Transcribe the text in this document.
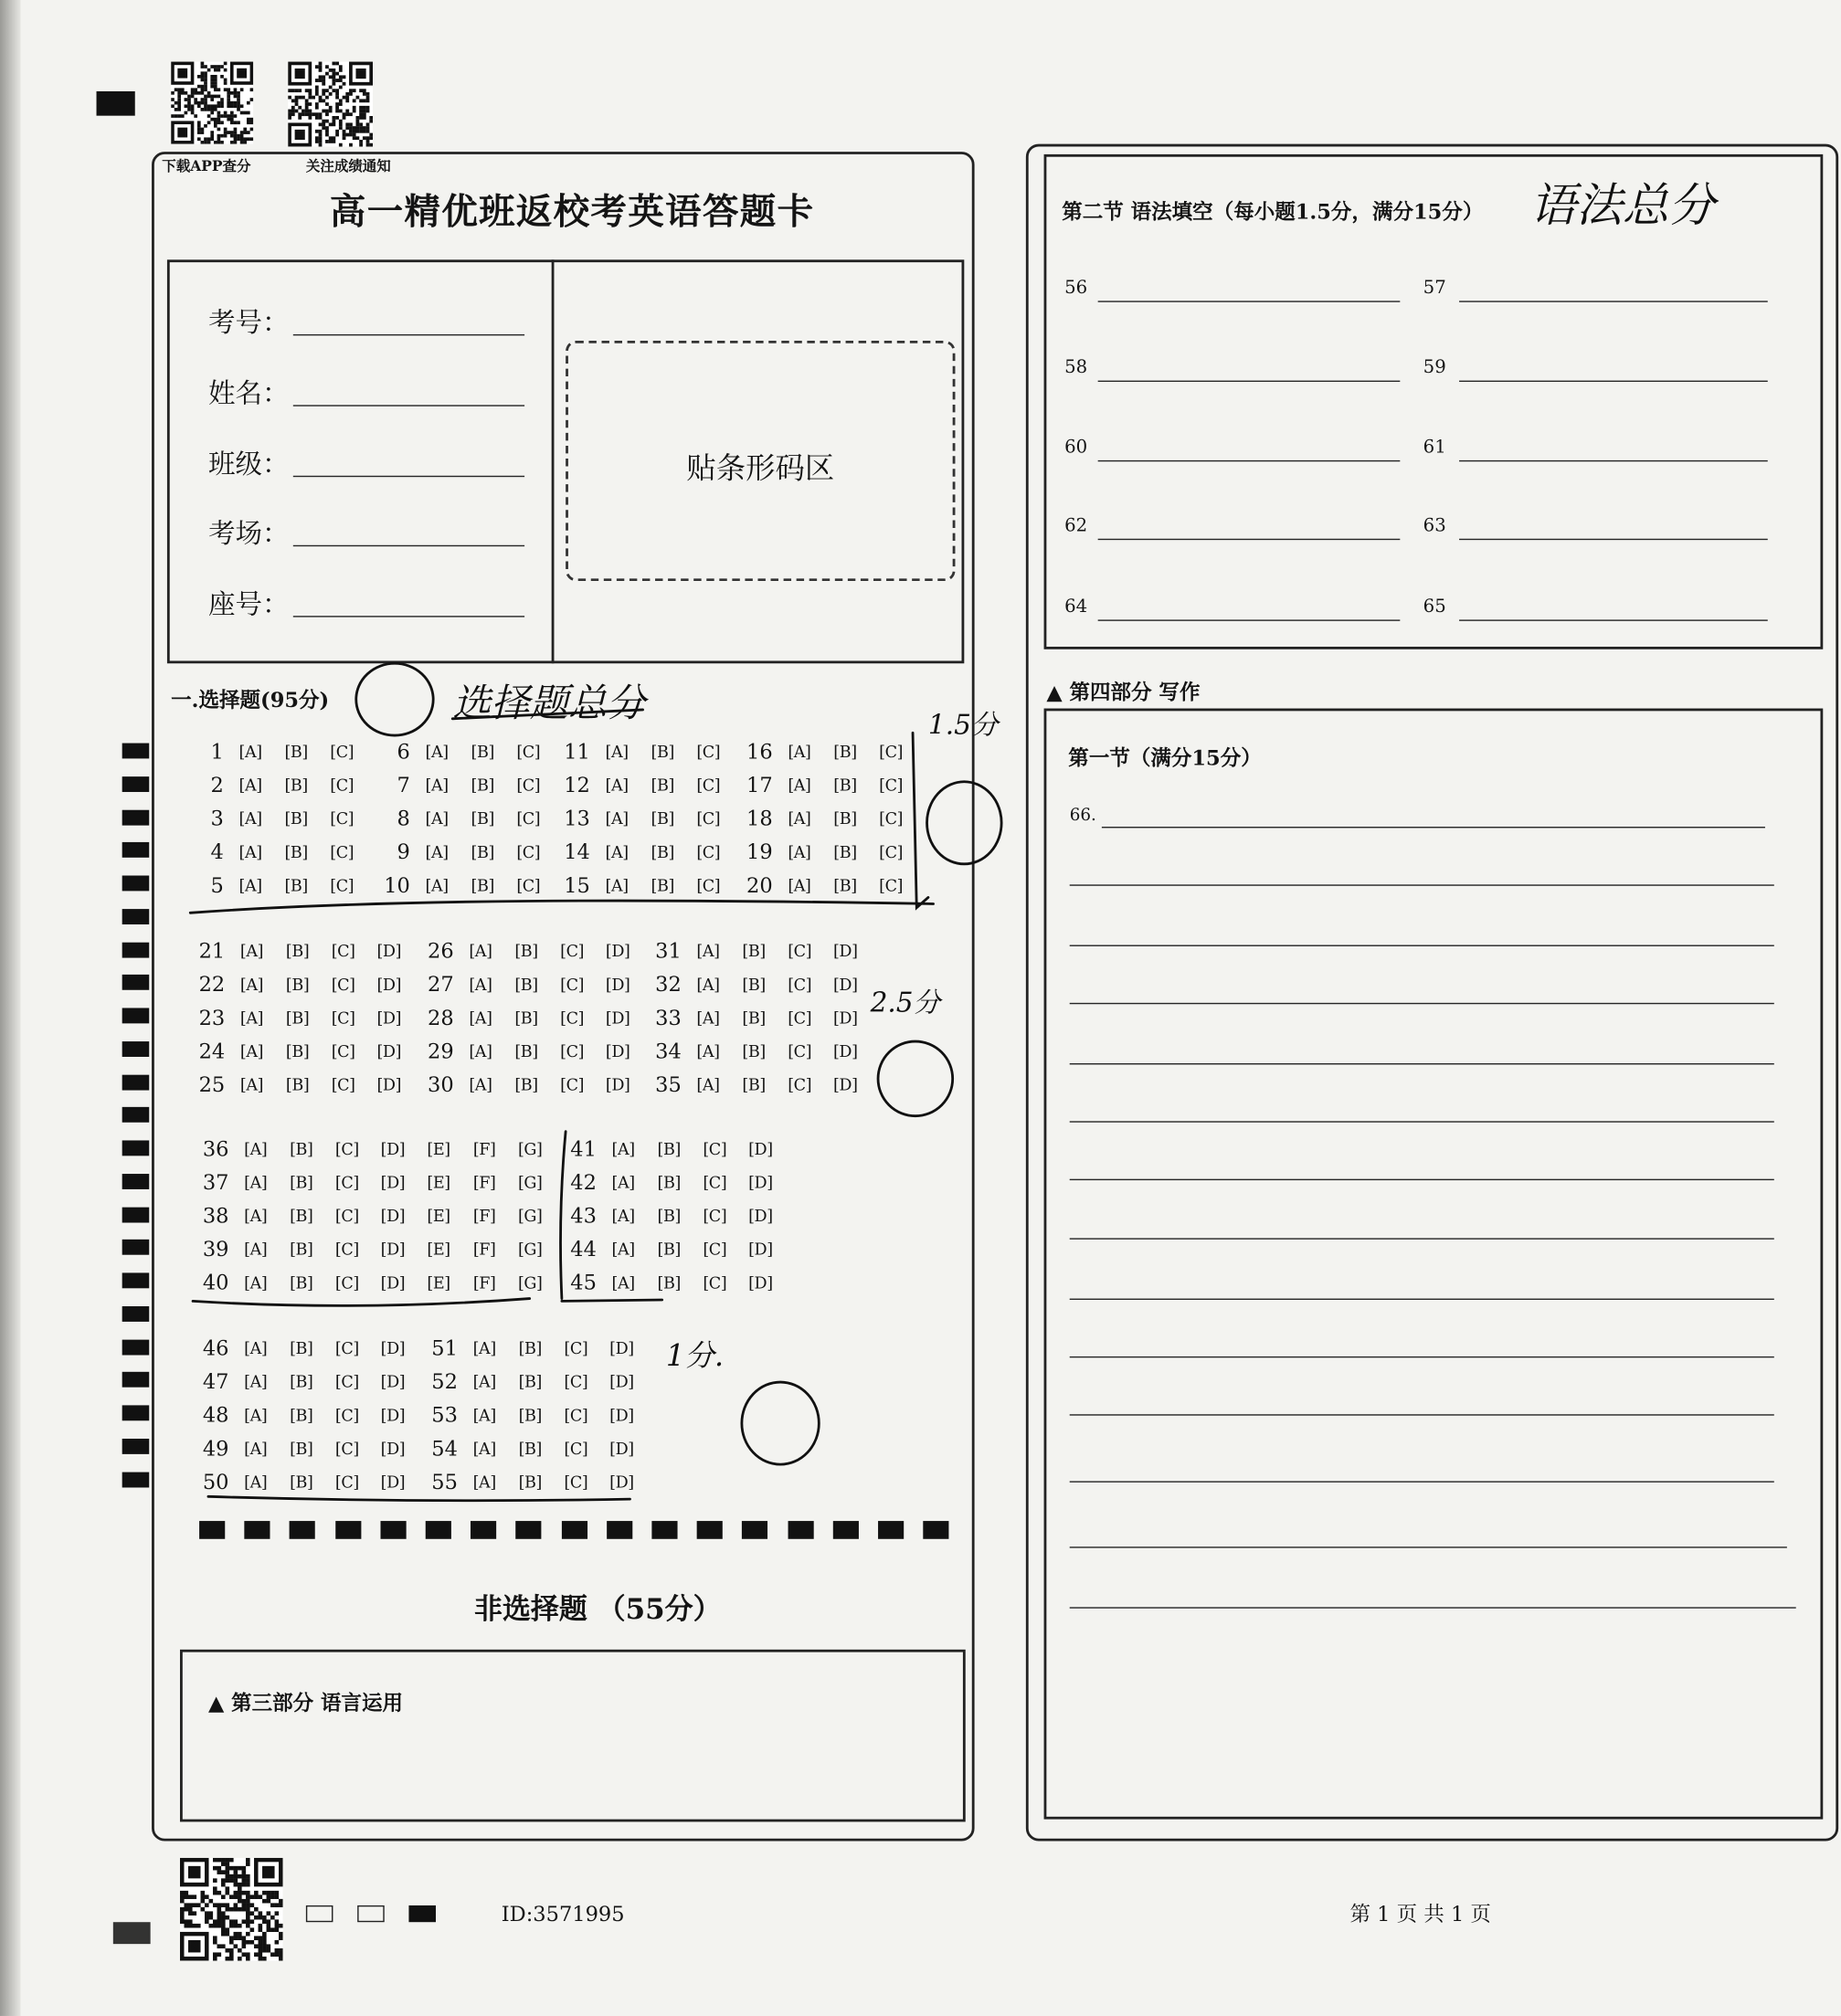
下载APP查分	关注成绩通知
高一精优班返校考英语答题卡
考号：
姓名：
班级：
考场：
座号：
贴条形码区
一.选择题(95分)	选择题总分
1	[A]	[B]	[C]
2	[A]	[B]	[C]
3	[A]	[B]	[C]
4	[A]	[B]	[C]
5	[A]	[B]	[C]
6	[A]	[B]	[C]
7	[A]	[B]	[C]
8	[A]	[B]	[C]
9	[A]	[B]	[C]
10	[A]	[B]	[C]
11	[A]	[B]	[C]
12	[A]	[B]	[C]
13	[A]	[B]	[C]
14	[A]	[B]	[C]
15	[A]	[B]	[C]
16	[A]	[B]	[C]
17	[A]	[B]	[C]
18	[A]	[B]	[C]
19	[A]	[B]	[C]
20	[A]	[B]	[C]
21	[A]	[B]	[C]	[D]
22	[A]	[B]	[C]	[D]
23	[A]	[B]	[C]	[D]
24	[A]	[B]	[C]	[D]
25	[A]	[B]	[C]	[D]
26	[A]	[B]	[C]	[D]
27	[A]	[B]	[C]	[D]
28	[A]	[B]	[C]	[D]
29	[A]	[B]	[C]	[D]
30	[A]	[B]	[C]	[D]
31	[A]	[B]	[C]	[D]
32	[A]	[B]	[C]	[D]
33	[A]	[B]	[C]	[D]
34	[A]	[B]	[C]	[D]
35	[A]	[B]	[C]	[D]
36	[A]	[B]	[C]	[D]	[E]	[F]	[G]
37	[A]	[B]	[C]	[D]	[E]	[F]	[G]
38	[A]	[B]	[C]	[D]	[E]	[F]	[G]
39	[A]	[B]	[C]	[D]	[E]	[F]	[G]
40	[A]	[B]	[C]	[D]	[E]	[F]	[G]
41	[A]	[B]	[C]	[D]
42	[A]	[B]	[C]	[D]
43	[A]	[B]	[C]	[D]
44	[A]	[B]	[C]	[D]
45	[A]	[B]	[C]	[D]
46	[A]	[B]	[C]	[D]
47	[A]	[B]	[C]	[D]
48	[A]	[B]	[C]	[D]
49	[A]	[B]	[C]	[D]
50	[A]	[B]	[C]	[D]
51	[A]	[B]	[C]	[D]
52	[A]	[B]	[C]	[D]
53	[A]	[B]	[C]	[D]
54	[A]	[B]	[C]	[D]
55	[A]	[B]	[C]	[D]
1.5分
2.5分
1分.
非选择题 （55分）
▲ 第三部分 语言运用
第二节 语法填空（每小题1.5分，满分15分） 语法总分
56	57
58	59
60	61
62	63
64	65
▲ 第四部分 写作
第一节（满分15分）
66.
ID:3571995	第 1 页 共 1 页
